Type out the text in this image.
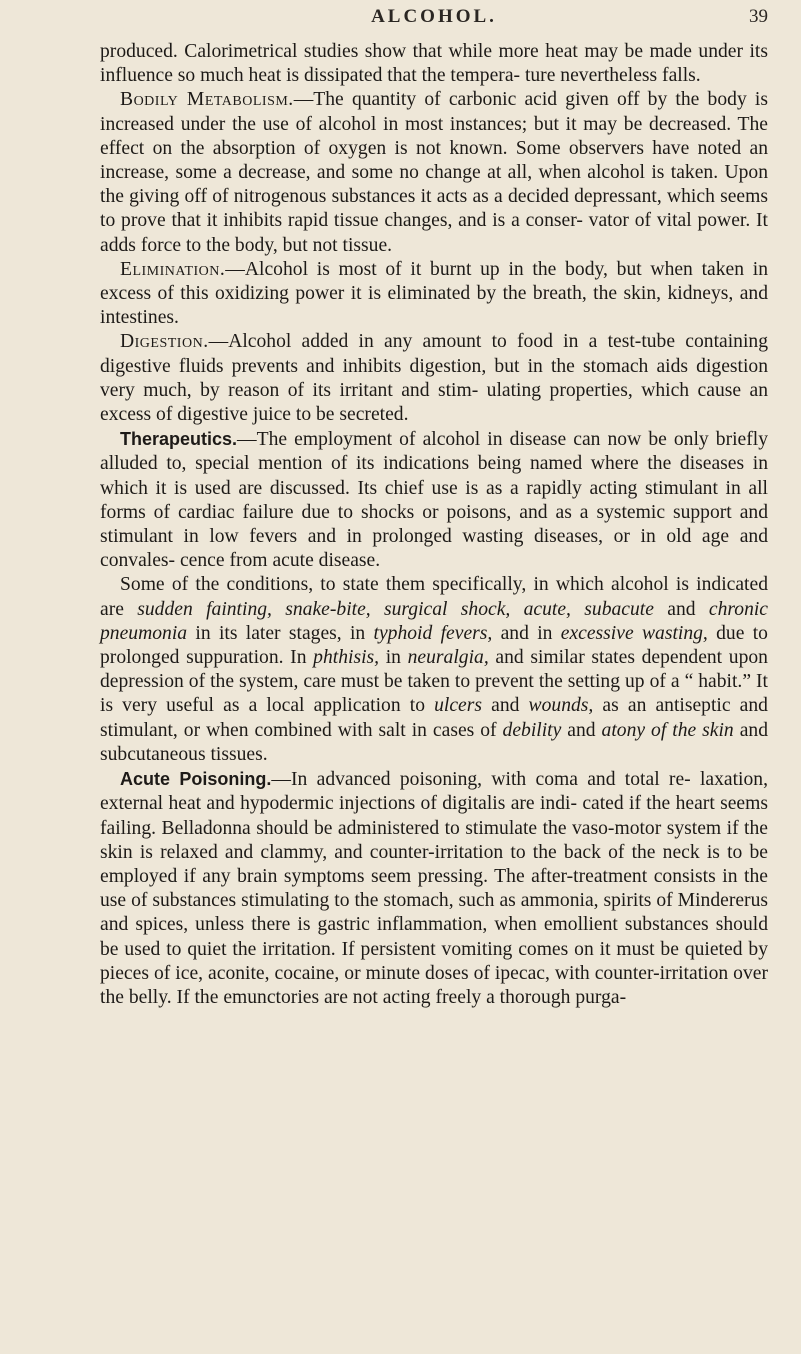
ALCOHOL.	39

produced. Calorimetrical studies show that while more heat may be made under its influence so much heat is dissipated that the tempera- ture nevertheless falls.

Bodily Metabolism.—The quantity of carbonic acid given off by the body is increased under the use of alcohol in most instances; but it may be decreased. The effect on the absorption of oxygen is not known. Some observers have noted an increase, some a decrease, and some no change at all, when alcohol is taken. Upon the giving off of nitrogenous substances it acts as a decided depressant, which seems to prove that it inhibits rapid tissue changes, and is a conser- vator of vital power. It adds force to the body, but not tissue.

Elimination.—Alcohol is most of it burnt up in the body, but when taken in excess of this oxidizing power it is eliminated by the breath, the skin, kidneys, and intestines.

Digestion.—Alcohol added in any amount to food in a test-tube containing digestive fluids prevents and inhibits digestion, but in the stomach aids digestion very much, by reason of its irritant and stim- ulating properties, which cause an excess of digestive juice to be secreted.

Therapeutics.—The employment of alcohol in disease can now be only briefly alluded to, special mention of its indications being named where the diseases in which it is used are discussed. Its chief use is as a rapidly acting stimulant in all forms of cardiac failure due to shocks or poisons, and as a systemic support and stimulant in low fevers and in prolonged wasting diseases, or in old age and convales- cence from acute disease.

Some of the conditions, to state them specifically, in which alcohol is indicated are sudden fainting, snake-bite, surgical shock, acute, subacute and chronic pneumonia in its later stages, in typhoid fevers, and in excessive wasting, due to prolonged suppuration. In phthisis, in neuralgia, and similar states dependent upon depression of the system, care must be taken to prevent the setting up of a “ habit.” It is very useful as a local application to ulcers and wounds, as an antiseptic and stimulant, or when combined with salt in cases of debility and atony of the skin and subcutaneous tissues.

Acute Poisoning.—In advanced poisoning, with coma and total re- laxation, external heat and hypodermic injections of digitalis are indi- cated if the heart seems failing. Belladonna should be administered to stimulate the vaso-motor system if the skin is relaxed and clammy, and counter-irritation to the back of the neck is to be employed if any brain symptoms seem pressing. The after-treatment consists in the use of substances stimulating to the stomach, such as ammonia, spirits of Mindererus and spices, unless there is gastric inflammation, when emollient substances should be used to quiet the irritation. If persistent vomiting comes on it must be quieted by pieces of ice, aconite, cocaine, or minute doses of ipecac, with counter-irritation over the belly. If the emunctories are not acting freely a thorough purga-
